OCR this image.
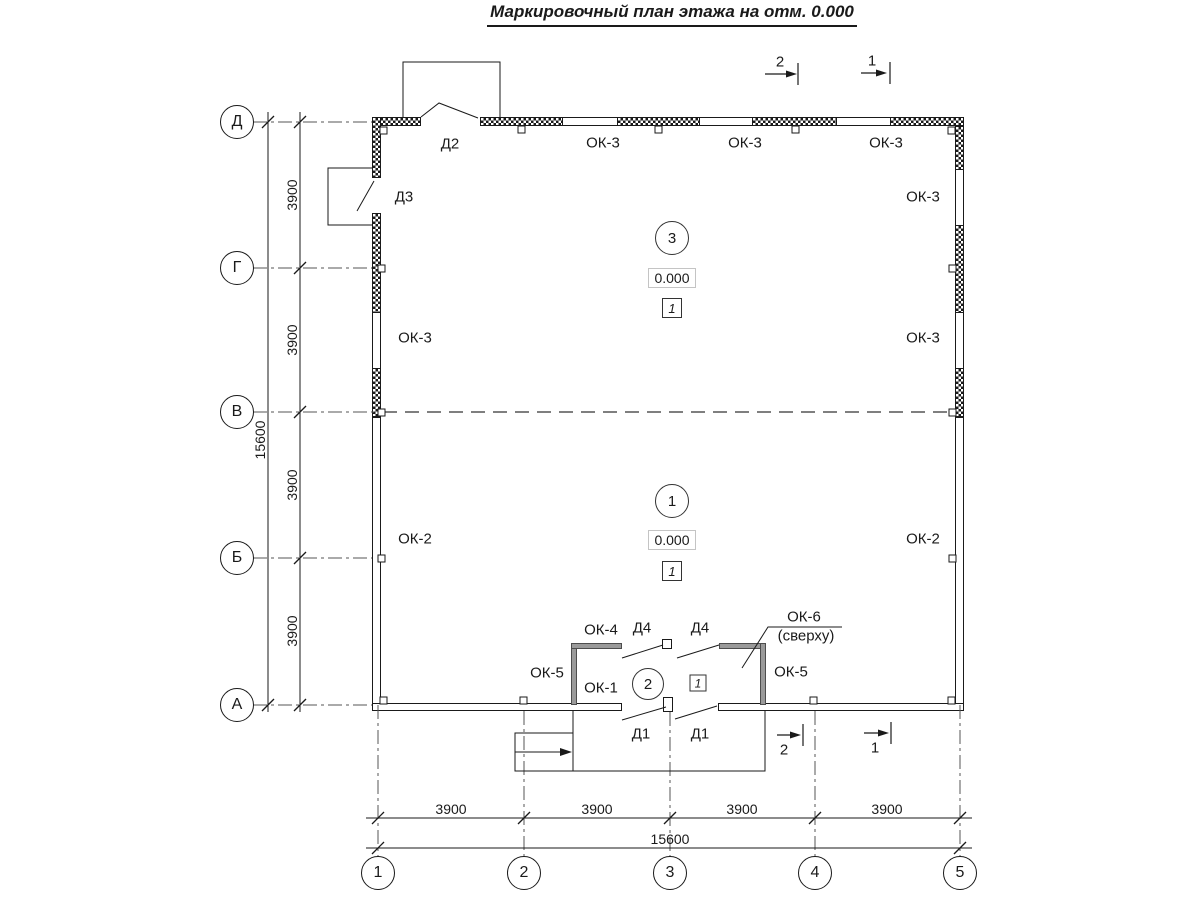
Маркировочный план этажа на отм. 0.000
Д
Г
В
Б
А
1	2	3	4	5
3900
3900
3900
3900
15600
3900	3900	3900	3900
15600
Д2
Д3
ОК-3	ОК-3	ОК-3
ОК-3
ОК-3	ОК-3
ОК-2	ОК-2
ОК-4 Д4	Д4
ОК-6
(сверху)
ОК-5
ОК-1
ОК-5
Д1	Д1
3
0.000
1
1
0.000
1
2	1
2	1
2	1
